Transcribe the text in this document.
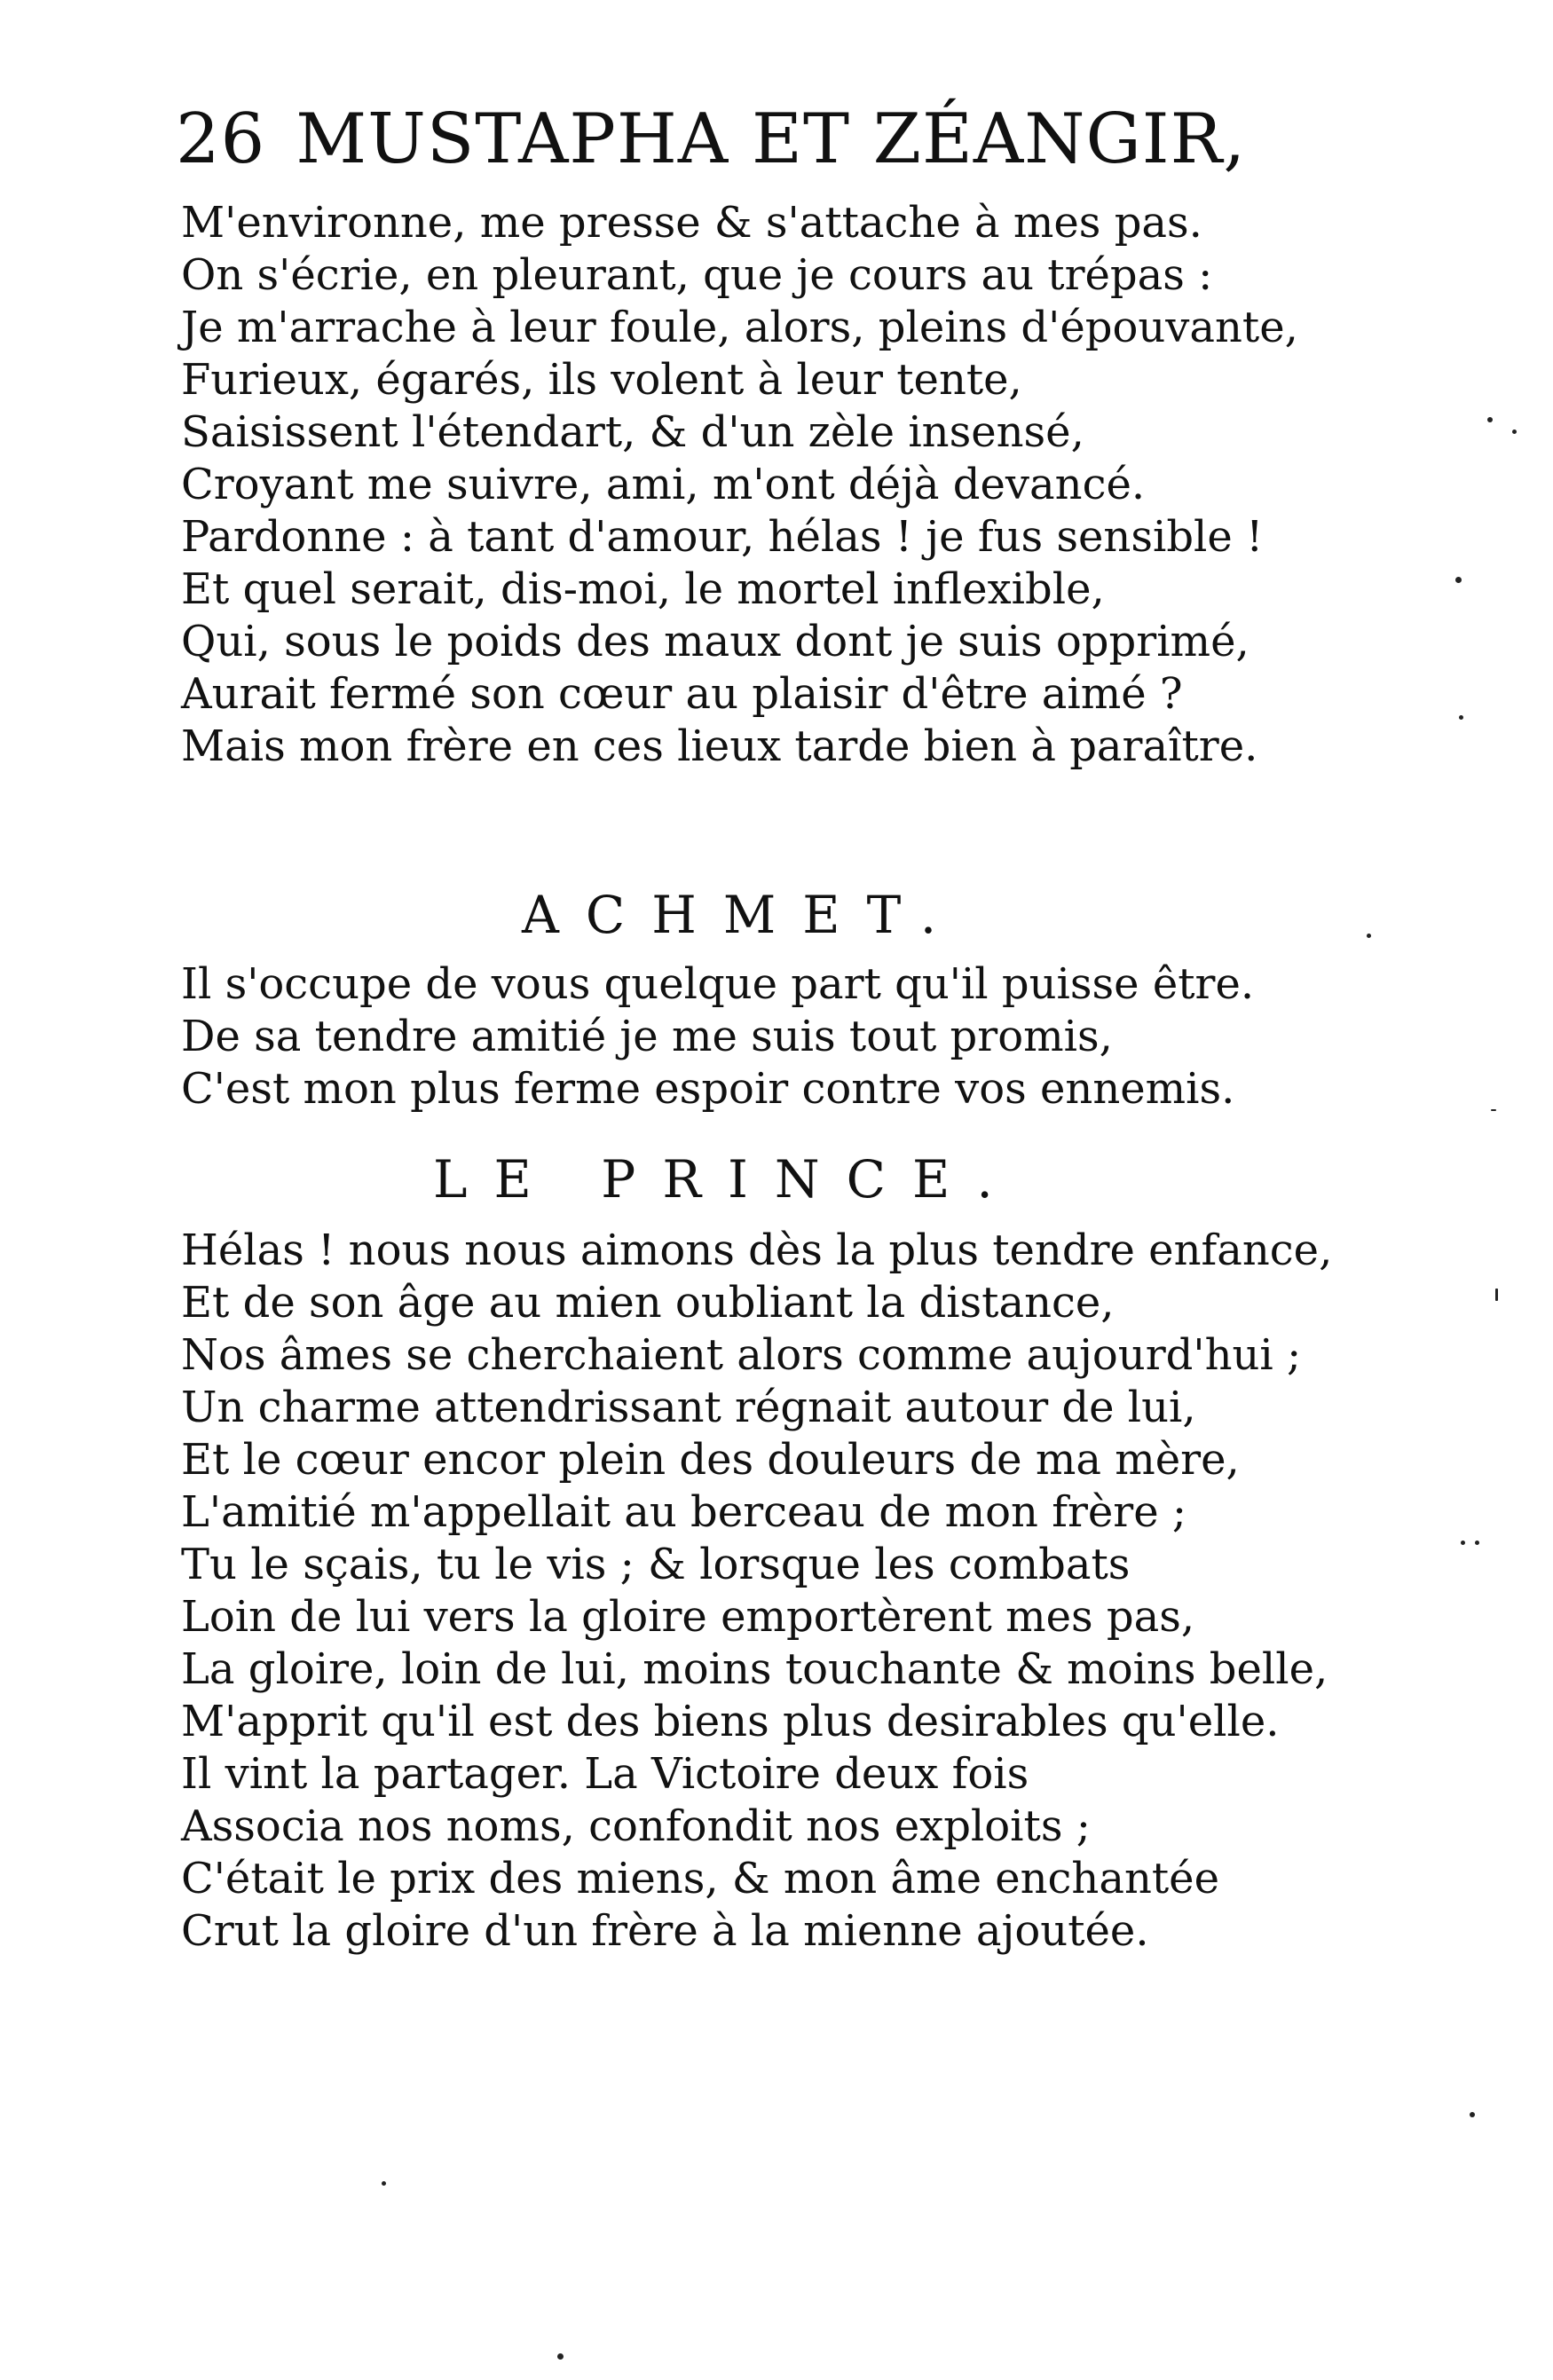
26 MUSTAPHA ET ZÉANGIR,
M'environne, me presse & s'attache à mes pas.
On s'écrie, en pleurant, que je cours au trépas :
Je m'arrache à leur foule, alors, pleins d'épouvante,
Furieux, égarés, ils volent à leur tente,
Saisissent l'étendart, & d'un zèle insensé,
Croyant me suivre, ami, m'ont déjà devancé.
Pardonne : à tant d'amour, hélas ! je fus sensible !
Et quel serait, dis-moi, le mortel inflexible,
Qui, sous le poids des maux dont je suis opprimé,
Aurait fermé son cœur au plaisir d'être aimé ?
Mais mon frère en ces lieux tarde bien à paraître.
ACHMET.
Il s'occupe de vous quelque part qu'il puisse être.
De sa tendre amitié je me suis tout promis,
C'est mon plus ferme espoir contre vos ennemis.
LE PRINCE.
Hélas ! nous nous aimons dès la plus tendre enfance,
Et de son âge au mien oubliant la distance,
Nos âmes se cherchaient alors comme aujourd'hui ;
Un charme attendrissant régnait autour de lui,
Et le cœur encor plein des douleurs de ma mère,
L'amitié m'appellait au berceau de mon frère ;
Tu le sçais, tu le vis ; & lorsque les combats
Loin de lui vers la gloire emportèrent mes pas,
La gloire, loin de lui, moins touchante & moins belle,
M'apprit qu'il est des biens plus desirables qu'elle.
Il vint la partager. La Victoire deux fois
Associa nos noms, confondit nos exploits ;
C'était le prix des miens, & mon âme enchantée
Crut la gloire d'un frère à la mienne ajoutée.
